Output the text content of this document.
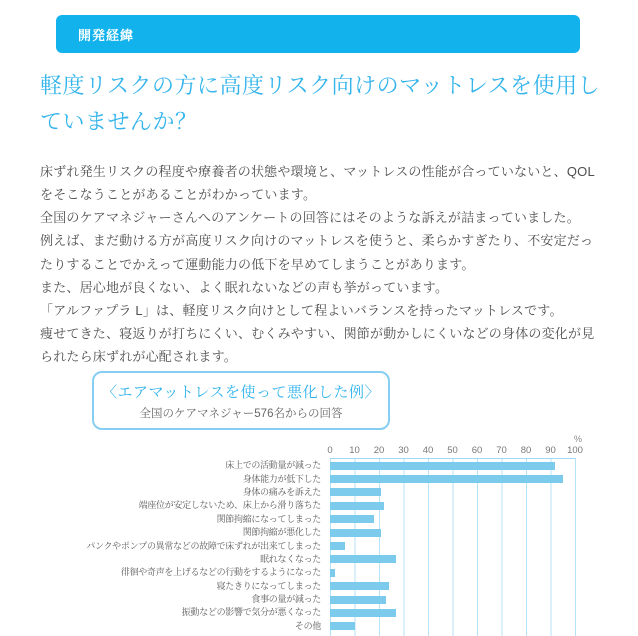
開発経緯
軽度リスクの方に高度リスク向けのマットレスを使用していませんか？
床ずれ発生リスクの程度や療養者の状態や環境と、マットレスの性能が合っていないと、QOLをそこなうことがあることがわかっています。
全国のケアマネジャーさんへのアンケートの回答にはそのような訴えが詰まっていました。
例えば、まだ動ける方が高度リスク向けのマットレスを使うと、柔らかすぎたり、不安定だったりすることでかえって運動能力の低下を早めてしまうことがあります。
また、居心地が良くない、よく眠れないなどの声も挙がっています。
「アルファプラ L」は、軽度リスク向けとして程よいバランスを持ったマットレスです。
痩せてきた、寝返りが打ちにくい、むくみやすい、関節が動かしにくいなどの身体の変化が見られたら床ずれが心配されます。
〈エアマットレスを使って悪化した例〉
全国のケアマネジャー576名からの回答
%
0 10 20 30 40 50 60 70 80 90 100
床上での活動量が減った
身体能力が低下した
身体の痛みを訴えた
端座位が安定しないため、床上から滑り落ちた
関節拘縮になってしまった
関節拘縮が悪化した
パンクやポンプの異常などの故障で床ずれが出来てしまった
眠れなくなった
徘徊や奇声を上げるなどの行動をするようになった
寝たきりになってしまった
食事の量が減った
振動などの影響で気分が悪くなった
その他
